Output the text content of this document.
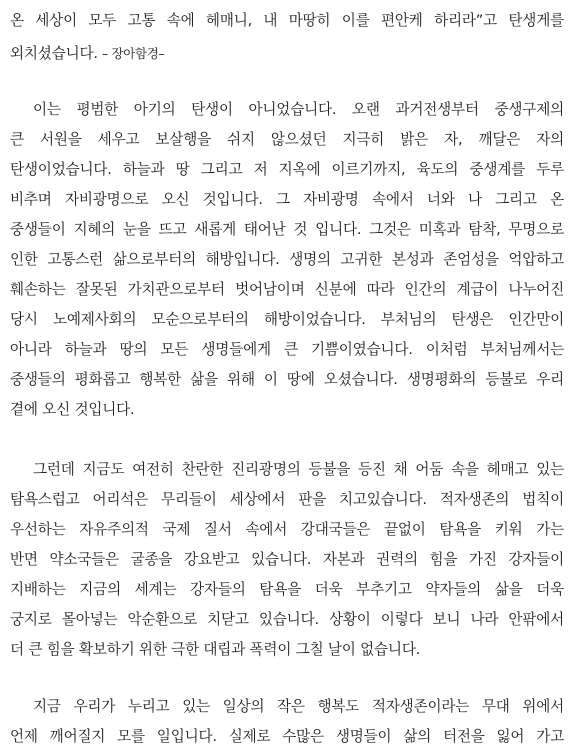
온 세상이 모두 고통 속에 헤매니, 내 마땅히 이를 편안케 하리라”고 탄생게를
외치셨습니다. – 장아함경–
이는 평범한 아기의 탄생이 아니었습니다. 오랜 과거전생부터 중생구제의
큰 서원을 세우고 보살행을 쉬지 않으셨던 지극히 밝은 자, 깨달은 자의
탄생이었습니다. 하늘과 땅 그리고 저 지옥에 이르기까지, 육도의 중생계를 두루
비추며 자비광명으로 오신 것입니다. 그 자비광명 속에서 너와 나 그리고 온
중생들이 지혜의 눈을 뜨고 새롭게 태어난 것 입니다. 그것은 미혹과 탐착, 무명으로
인한 고통스런 삶으로부터의 해방입니다. 생명의 고귀한 본성과 존엄성을 억압하고
훼손하는 잘못된 가치관으로부터 벗어남이며 신분에 따라 인간의 계급이 나누어진
당시 노예제사회의 모순으로부터의 해방이었습니다. 부처님의 탄생은 인간만이
아니라 하늘과 땅의 모든 생명들에게 큰 기쁨이였습니다. 이처럼 부처님께서는
중생들의 평화롭고 행복한 삶을 위해 이 땅에 오셨습니다. 생명평화의 등불로 우리
곁에 오신 것입니다.
그런데 지금도 여전히 찬란한 진리광명의 등불을 등진 채 어둠 속을 헤매고 있는
탐욕스럽고 어리석은 무리들이 세상에서 판을 치고있습니다. 적자생존의 법칙이
우선하는 자유주의적 국제 질서 속에서 강대국들은 끝없이 탐욕을 키워 가는
반면 약소국들은 굴종을 강요받고 있습니다. 자본과 권력의 힘을 가진 강자들이
지배하는 지금의 세계는 강자들의 탐욕을 더욱 부추기고 약자들의 삶을 더욱
궁지로 몰아넣는 악순환으로 치닫고 있습니다. 상황이 이렇다 보니 나라 안팎에서
더 큰 힘을 확보하기 위한 극한 대립과 폭력이 그칠 날이 없습니다.
지금 우리가 누리고 있는 일상의 작은 행복도 적자생존이라는 무대 위에서
언제 깨어질지 모를 일입니다. 실제로 수많은 생명들이 삶의 터전을 잃어 가고
